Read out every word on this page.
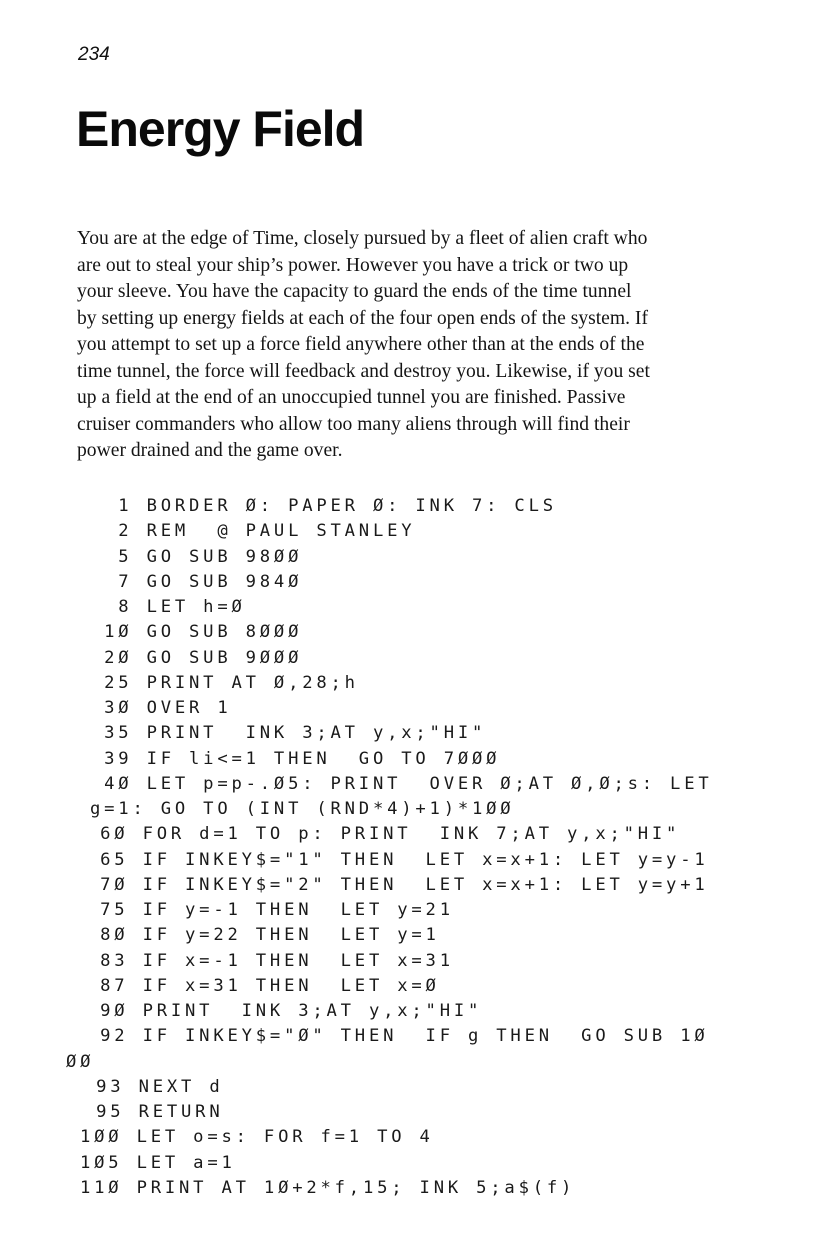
234
Energy Field
You are at the edge of Time, closely pursued by a fleet of alien craft who
are out to steal your ship’s power. However you have a trick or two up
your sleeve. You have the capacity to guard the ends of the time tunnel
by setting up energy fields at each of the four open ends of the system. If
you attempt to set up a force field anywhere other than at the ends of the
time tunnel, the force will feedback and destroy you. Likewise, if you set
up a field at the end of an unoccupied tunnel you are finished. Passive
cruiser commanders who allow too many aliens through will find their
power drained and the game over.
1 BORDER Ø: PAPER Ø: INK 7: CLS
2 REM  @ PAUL STANLEY
5 GO SUB 98ØØ
7 GO SUB 984Ø
8 LET h=Ø
1Ø GO SUB 8ØØØ
2Ø GO SUB 9ØØØ
25 PRINT AT Ø,28;h
3Ø OVER 1
35 PRINT  INK 3;AT y,x;"HI"
39 IF li<=1 THEN  GO TO 7ØØØ
4Ø LET p=p-.Ø5: PRINT  OVER Ø;AT Ø,Ø;s: LET
g=1: GO TO (INT (RND*4)+1)*1ØØ
6Ø FOR d=1 TO p: PRINT  INK 7;AT y,x;"HI"
65 IF INKEY$="1" THEN  LET x=x+1: LET y=y-1
7Ø IF INKEY$="2" THEN  LET x=x+1: LET y=y+1
75 IF y=-1 THEN  LET y=21
8Ø IF y=22 THEN  LET y=1
83 IF x=-1 THEN  LET x=31
87 IF x=31 THEN  LET x=Ø
9Ø PRINT  INK 3;AT y,x;"HI"
92 IF INKEY$="Ø" THEN  IF g THEN  GO SUB 1Ø
ØØ
93 NEXT d
95 RETURN
1ØØ LET o=s: FOR f=1 TO 4
1Ø5 LET a=1
11Ø PRINT AT 1Ø+2*f,15; INK 5;a$(f)
